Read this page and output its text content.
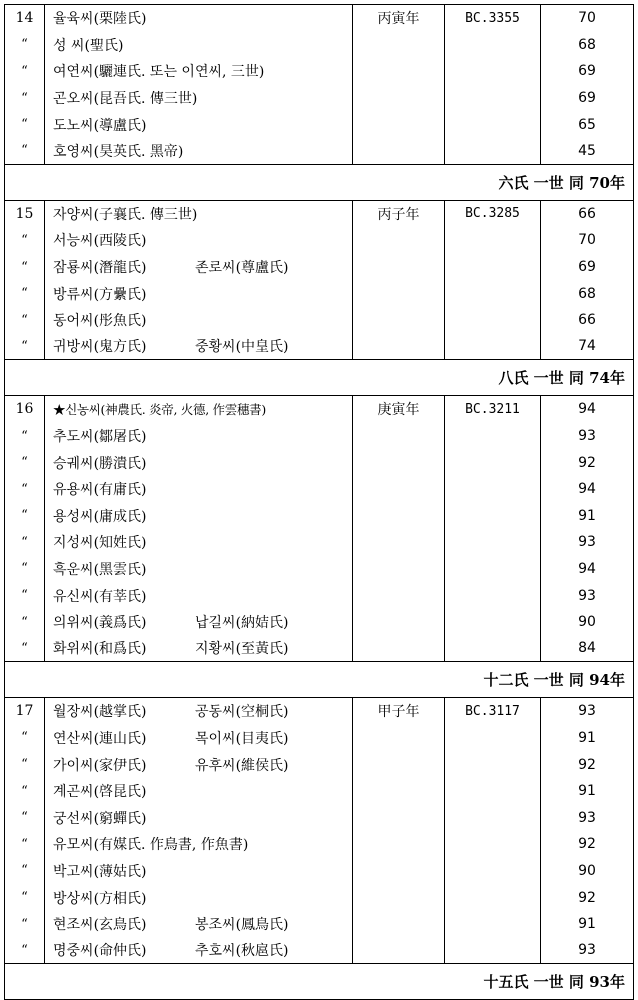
14	율육씨(栗陸氏)	丙寅年	BC.3355	70
“	성 씨(聖氏)	68
“	여연씨(驪連氏. 또는 이연씨, 三世)	69
“	곤오씨(昆吾氏. 傳三世)	69
“	도노씨(導盧氏)	65
“	호영씨(昊英氏. 黑帝)	45
六氏 一世 同 70年
15	자양씨(子襄氏. 傳三世)	丙子年	BC.3285	66
“	서능씨(西陵氏)	70
“	잠룡씨(潛龍氏)	존로씨(尊盧氏)	69
“	방류씨(方纍氏)	68
“	동어씨(彤魚氏)	66
“	귀방씨(鬼方氏)	중황씨(中皇氏)	74
八氏 一世 同 74年
16	★신농씨(神農氏. 炎帝, 火德, 作雲穗書)	庚寅年	BC.3211	94
“	추도씨(鄒屠氏)	93
“	승궤씨(勝潰氏)	92
“	유용씨(有庸氏)	94
“	용성씨(庸成氏)	91
“	지성씨(知姓氏)	93
“	흑운씨(黑雲氏)	94
“	유신씨(有莘氏)	93
“	의위씨(義爲氏)	납길씨(納姞氏)	90
“	화위씨(和爲氏)	지황씨(至黃氏)	84
十二氏 一世 同 94年
17	월장씨(越掌氏)	공동씨(空桐氏)	甲子年	BC.3117	93
“	연산씨(連山氏)	목이씨(目夷氏)	91
“	가이씨(家伊氏)	유후씨(維侯氏)	92
“	계곤씨(啓昆氏)	91
“	궁선씨(窮蟬氏)	93
“	유모씨(有媒氏. 作鳥書, 作魚書)	92
“	박고씨(薄姑氏)	90
“	방상씨(方相氏)	92
“	현조씨(玄鳥氏)	봉조씨(鳳鳥氏)	91
“	명중씨(命仲氏)	추호씨(秋扈氏)	93
十五氏 一世 同 93年
